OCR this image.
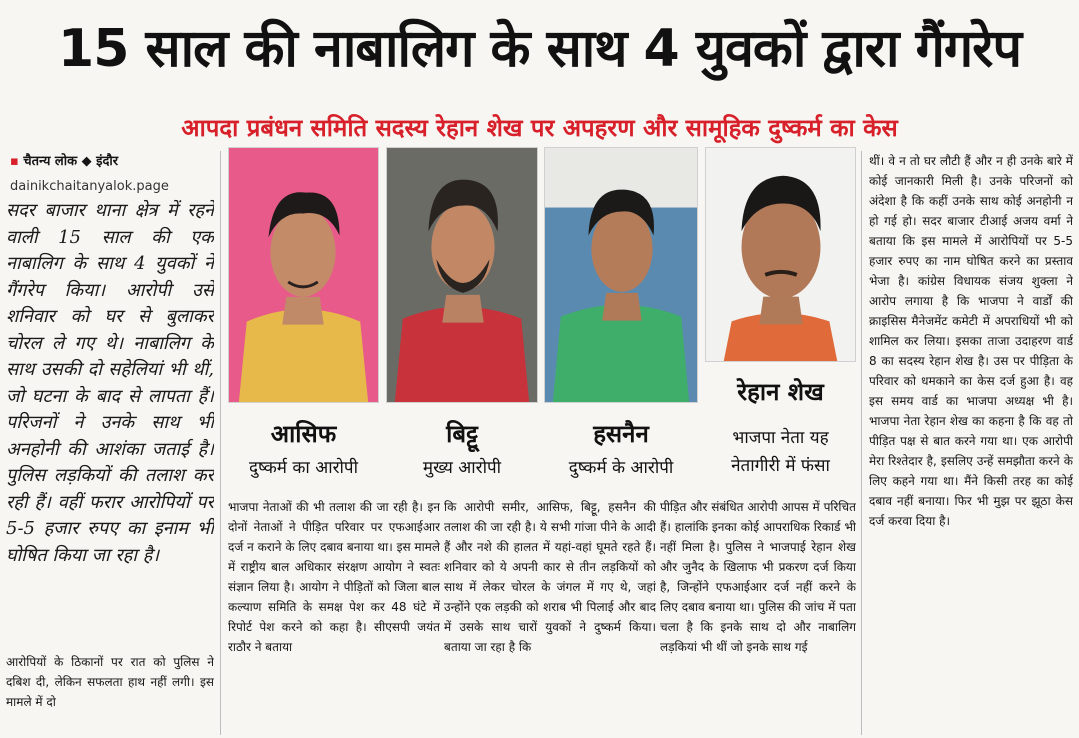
15 साल की नाबालिग के साथ 4 युवकों द्वारा गैंगरेप
आपदा प्रबंधन समिति सदस्य रेहान शेख पर अपहरण और सामूहिक दुष्कर्म का केस
▪ चैतन्य लोक ◆ इंदौर
dainikchaitanyalok.page
सदर बाजार थाना क्षेत्र में रहने वाली 15 साल की एक नाबालिग के साथ 4 युवकों ने गैंगरेप किया। आरोपी उसे शनिवार को घर से बुलाकर चोरल ले गए थे। नाबालिग के साथ उसकी दो सहेलियां भी थीं, जो घटना के बाद से लापता हैं। परिजनों ने उनके साथ भी अनहोनी की आशंका जताई है। पुलिस लड़कियों की तलाश कर रही हैं। वहीं फरार आरोपियों पर 5-5 हजार रुपए का इनाम भी घोषित किया जा रहा है।
आरोपियों के ठिकानों पर रात को पुलिस ने दबिश दी, लेकिन सफलता हाथ नहीं लगी। इस मामले में दो
आसिफ
दुष्कर्म का आरोपी
बिट्टू
मुख्य आरोपी
हसनैन
दुष्कर्म के आरोपी
रेहान शेख
भाजपा नेता यह
नेतागीरी में फंसा
भाजपा नेताओं की भी तलाश की जा रही है। इन दोनों नेताओं ने पीड़ित परिवार पर एफआईआर दर्ज न कराने के लिए दबाव बनाया था। इस मामले में राष्ट्रीय बाल अधिकार संरक्षण आयोग ने स्वतः संज्ञान लिया है। आयोग ने पीड़ितों को जिला बाल कल्याण समिति के समक्ष पेश कर 48 घंटे में रिपोर्ट पेश करने को कहा है। सीएसपी जयंत राठौर ने बताया
कि आरोपी समीर, आसिफ, बिट्टू, हसनैन की तलाश की जा रही है। ये सभी गांजा पीने के आदी हैं और नशे की हालत में यहां-वहां घूमते रहते हैं। शनिवार को ये अपनी कार से तीन लड़कियों को साथ में लेकर चोरल के जंगल में गए थे, जहां उन्होंने एक लड़की को शराब भी पिलाई और बाद में उसके साथ चारों युवकों ने दुष्कर्म किया। बताया जा रहा है कि
पीड़ित और संबंधित आरोपी आपस में परिचित हैं। हालांकि इनका कोई आपराधिक रिकार्ड भी नहीं मिला है। पुलिस ने भाजपाई रेहान शेख और जुनैद के खिलाफ भी प्रकरण दर्ज किया है, जिन्होंने एफआईआर दर्ज नहीं करने के लिए दबाव बनाया था। पुलिस की जांच में पता चला है कि इनके साथ दो और नाबालिग लड़कियां भी थीं जो इनके साथ गई
थीं। वे न तो घर लौटी हैं और न ही उनके बारे में कोई जानकारी मिली है। उनके परिजनों को अंदेशा है कि कहीं उनके साथ कोई अनहोनी न हो गई हो। सदर बाजार टीआई अजय वर्मा ने बताया कि इस मामले में आरोपियों पर 5-5 हजार रुपए का नाम घोषित करने का प्रस्ताव भेजा है। कांग्रेस विधायक संजय शुक्ला ने आरोप लगाया है कि भाजपा ने वार्डों की क्राइसिस मैनेजमेंट कमेटी में अपराधियों भी को शामिल कर लिया। इसका ताजा उदाहरण वार्ड 8 का सदस्य रेहान शेख है। उस पर पीड़िता के परिवार को धमकाने का केस दर्ज हुआ है। वह इस समय वार्ड का भाजपा अध्यक्ष भी है। भाजपा नेता रेहान शेख का कहना है कि वह तो पीड़ित पक्ष से बात करने गया था। एक आरोपी मेरा रिश्तेदार है, इसलिए उन्हें समझौता करने के लिए कहने गया था। मैंने किसी तरह का कोई दबाव नहीं बनाया। फिर भी मुझ पर झूठा केस दर्ज करवा दिया है।
